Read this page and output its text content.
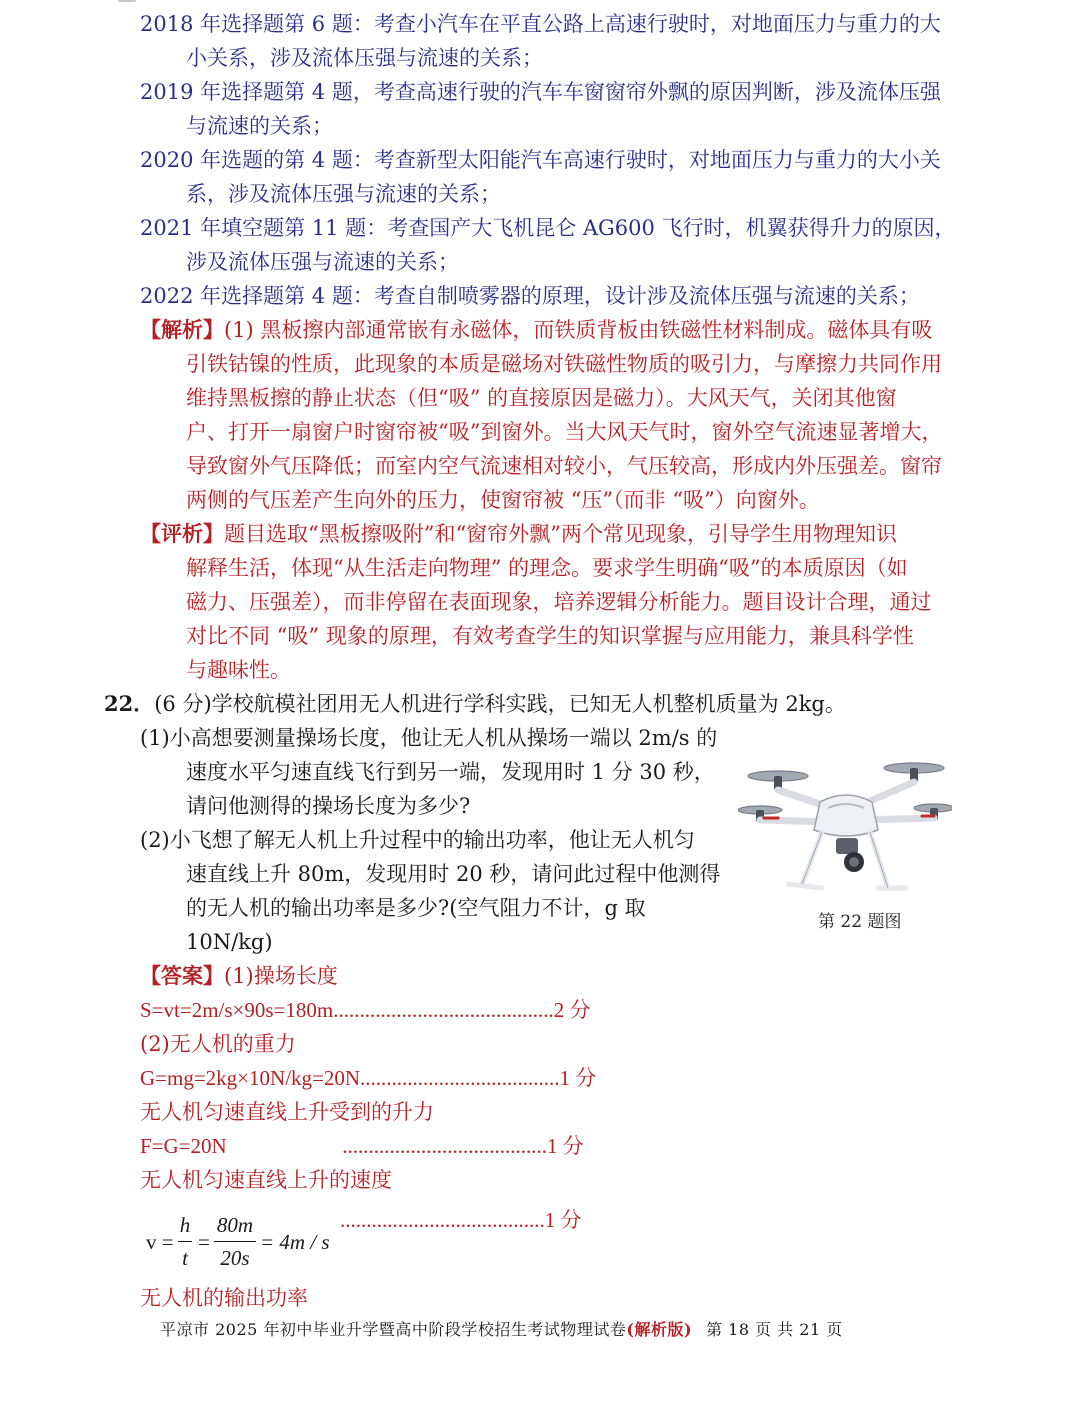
2018 年选择题第 6 题：考查小汽车在平直公路上高速行驶时，对地面压力与重力的大
小关系，涉及流体压强与流速的关系；
2019 年选择题第 4 题，考查高速行驶的汽车车窗窗帘外飘的原因判断，涉及流体压强
与流速的关系；
2020 年选题的第 4 题：考查新型太阳能汽车高速行驶时，对地面压力与重力的大小关
系，涉及流体压强与流速的关系；
2021 年填空题第 11 题：考查国产大飞机昆仑 AG600 飞行时，机翼获得升力的原因，
涉及流体压强与流速的关系；
2022 年选择题第 4 题：考查自制喷雾器的原理，设计涉及流体压强与流速的关系；
【解析】(1) 黑板擦内部通常嵌有永磁体，而铁质背板由铁磁性材料制成。磁体具有吸
引铁钴镍的性质，此现象的本质是磁场对铁磁性物质的吸引力，与摩擦力共同作用
维持黑板擦的静止状态（但“吸” 的直接原因是磁力）。大风天气，关闭其他窗
户、打开一扇窗户时窗帘被“吸”到窗外。当大风天气时，窗外空气流速显著增大，
导致窗外气压降低；而室内空气流速相对较小，气压较高，形成内外压强差。窗帘
两侧的气压差产生向外的压力，使窗帘被 “压”（而非 “吸”）向窗外。
【评析】题目选取“黑板擦吸附”和“窗帘外飘”两个常见现象，引导学生用物理知识
解释生活，体现“从生活走向物理” 的理念。要求学生明确“吸”的本质原因（如
磁力、压强差），而非停留在表面现象，培养逻辑分析能力。题目设计合理，通过
对比不同 “吸” 现象的原理，有效考查学生的知识掌握与应用能力，兼具科学性
与趣味性。
22．(6 分)学校航模社团用无人机进行学科实践，已知无人机整机质量为 2kg。
(1)小高想要测量操场长度，他让无人机从操场一端以 2m/s 的
速度水平匀速直线飞行到另一端，发现用时 1 分 30 秒，
请问他测得的操场长度为多少?
(2)小飞想了解无人机上升过程中的输出功率，他让无人机匀
速直线上升 80m，发现用时 20 秒，请问此过程中他测得
的无人机的输出功率是多少?(空气阻力不计，g 取
10N/kg)
第 22 题图
【答案】(1)操场长度
S=vt=2m/s×90s=180m..........................................2 分
(2)无人机的重力
G=mg=2kg×10N/kg=20N......................................1 分
无人机匀速直线上升受到的升力
F=G=20N                      .......................................1 分
无人机匀速直线上升的速度
v =
h
t
=
80m
20s
= 4m / s
.......................................1 分
无人机的输出功率
平凉市 2025 年初中毕业升学暨高中阶段学校招生考试物理试卷(解析版) 第 18 页 共 21 页
